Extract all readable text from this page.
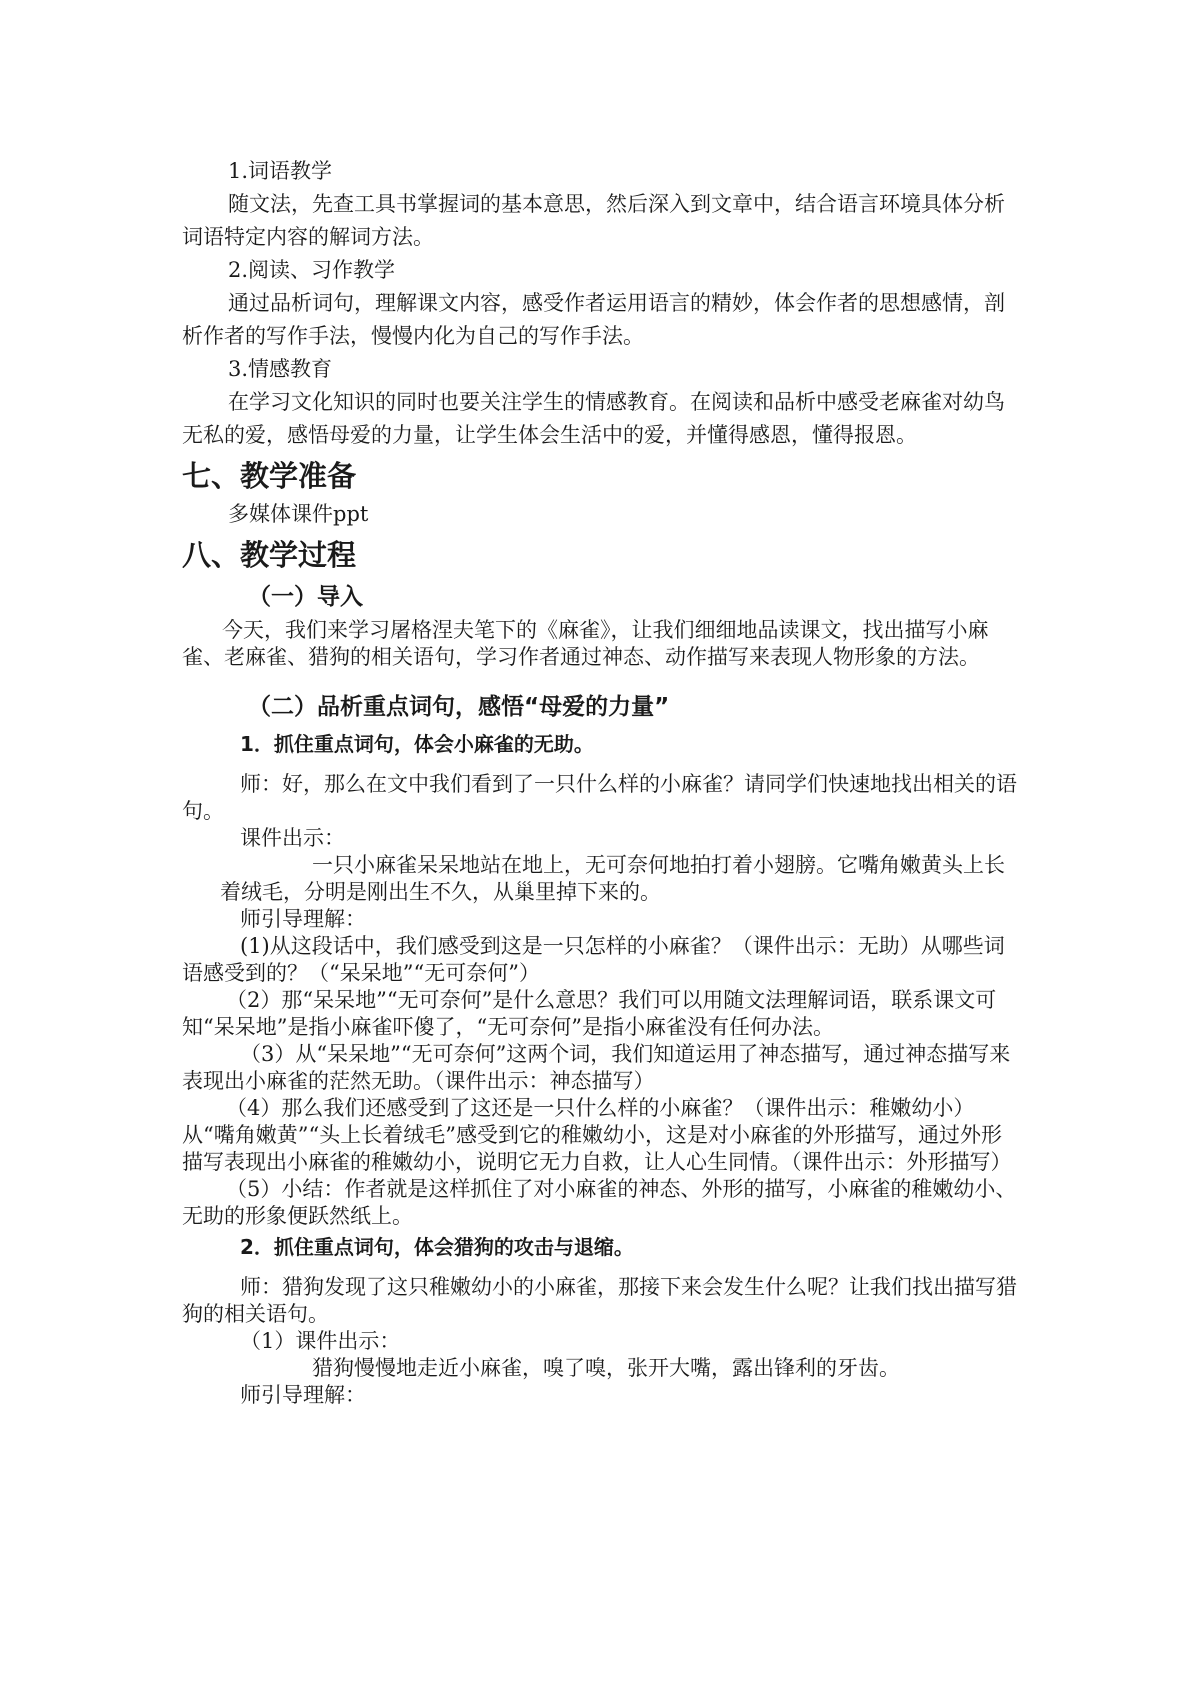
1.词语教学

随文法，先查工具书掌握词的基本意思，然后深入到文章中，结合语言环境具体分析词语特定内容的解词方法。

2.阅读、习作教学

通过品析词句，理解课文内容，感受作者运用语言的精妙，体会作者的思想感情，剖析作者的写作手法，慢慢内化为自己的写作手法。

3.情感教育

在学习文化知识的同时也要关注学生的情感教育。在阅读和品析中感受老麻雀对幼鸟无私的爱，感悟母爱的力量，让学生体会生活中的爱，并懂得感恩，懂得报恩。

七、教学准备

多媒体课件ppt

八、教学过程

（一）导入

今天，我们来学习屠格涅夫笔下的《麻雀》，让我们细细地品读课文，找出描写小麻雀、老麻雀、猎狗的相关语句，学习作者通过神态、动作描写来表现人物形象的方法。

（二）品析重点词句，感悟“母爱的力量”

1．抓住重点词句，体会小麻雀的无助。

师：好，那么在文中我们看到了一只什么样的小麻雀？请同学们快速地找出相关的语句。

课件出示：

一只小麻雀呆呆地站在地上，无可奈何地拍打着小翅膀。它嘴角嫩黄头上长着绒毛，分明是刚出生不久，从巢里掉下来的。

师引导理解：

(1)从这段话中，我们感受到这是一只怎样的小麻雀？（课件出示：无助）从哪些词语感受到的？（“呆呆地”“无可奈何”）

（2）那“呆呆地”“无可奈何”是什么意思？我们可以用随文法理解词语，联系课文可知“呆呆地”是指小麻雀吓傻了，“无可奈何”是指小麻雀没有任何办法。

（3）从“呆呆地”“无可奈何”这两个词，我们知道运用了神态描写，通过神态描写来表现出小麻雀的茫然无助。（课件出示：神态描写）

（4）那么我们还感受到了这还是一只什么样的小麻雀？（课件出示：稚嫩幼小）从“嘴角嫩黄”“头上长着绒毛”感受到它的稚嫩幼小，这是对小麻雀的外形描写，通过外形描写表现出小麻雀的稚嫩幼小，说明它无力自救，让人心生同情。（课件出示：外形描写）

（5）小结：作者就是这样抓住了对小麻雀的神态、外形的描写，小麻雀的稚嫩幼小、无助的形象便跃然纸上。

2．抓住重点词句，体会猎狗的攻击与退缩。

师：猎狗发现了这只稚嫩幼小的小麻雀，那接下来会发生什么呢？让我们找出描写猎狗的相关语句。

（1）课件出示：

猎狗慢慢地走近小麻雀，嗅了嗅，张开大嘴，露出锋利的牙齿。

师引导理解：
